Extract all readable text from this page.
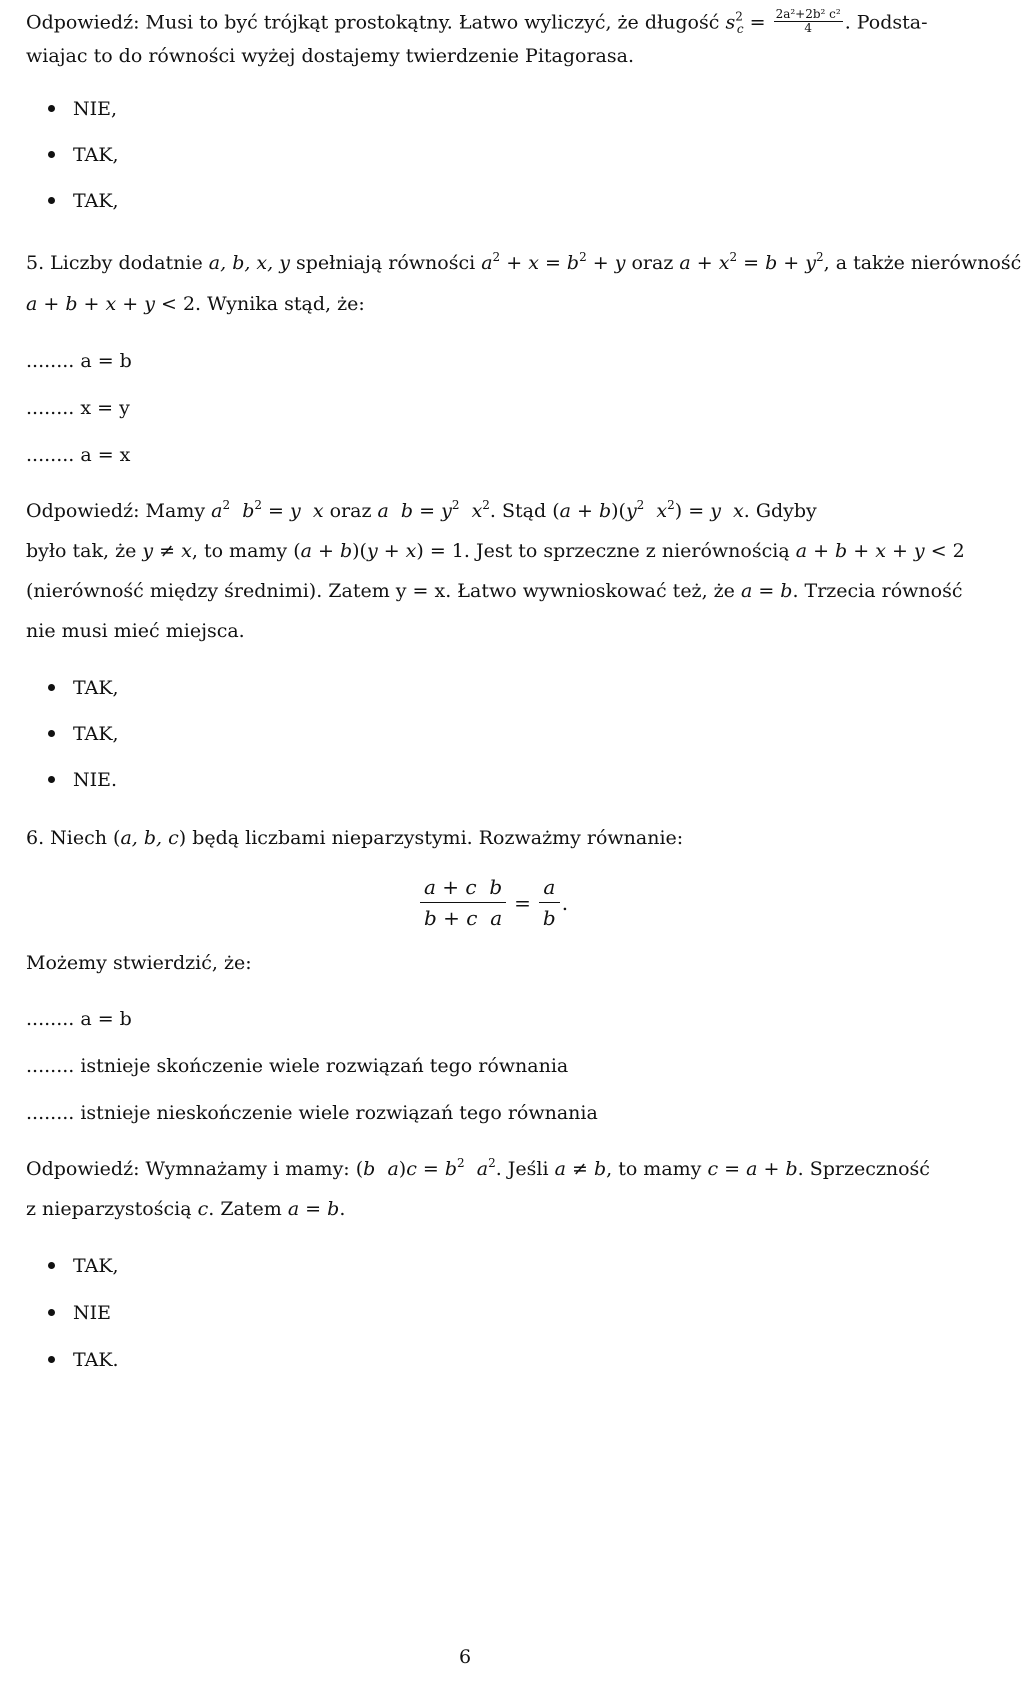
Odpowiedź: Musi to być trójkąt prostokątny. Łatwo wyliczyć, że długość $s^2_c = \frac{\text{2a²+2b² c²}}{4}$ . Podsta-
wiajac to do równości wyżej dostajemy twierdzenie Pitagorasa.
NIE,
TAK,
TAK,
5. Liczby dodatnie a, b, x, y spełniają równości $a^2 + x = b^2 + y$ oraz $a + x^2 = b + y^2$, a także nierówność
a + b + x + y < 2. Wynika stąd, że:
........ a = b
........ x = y
........ a = x
Odpowiedź: Mamy $a^2$ $b^2 = y$ x oraz a $b = y^2$ $x^2$. Stąd $(a + b)(y^2$ $x^2) = y$ x. Gdyby
było tak, że y ≠ x, to mamy (a + b)(y + x) = 1. Jest to sprzeczne z nierównością a + b + x + y < 2
(nierówność między średnimi). Zatem y = x. Łatwo wywnioskować też, że a = b. Trzecia równość
nie musi mieć miejsca.
TAK,
TAK,
NIE.
6. Niech (a, b, c) będą liczbami nieparzystymi. Rozważmy równanie:
$\frac{\text{a + c b}}{\text{b + c a}} = \frac{a}{b}$ .
Możemy stwierdzić, że:
........ a = b
........ istnieje skończenie wiele rozwiązań tego równania
........ istnieje nieskończenie wiele rozwiązań tego równania
Odpowiedź: Wymnażamy i mamy: (b $a)c = b^2$ $a^2$. Jeśli a ≠ b, to mamy c = a + b. Sprzeczność
z nieparzystością c. Zatem a = b.
TAK,
NIE
TAK.
6
